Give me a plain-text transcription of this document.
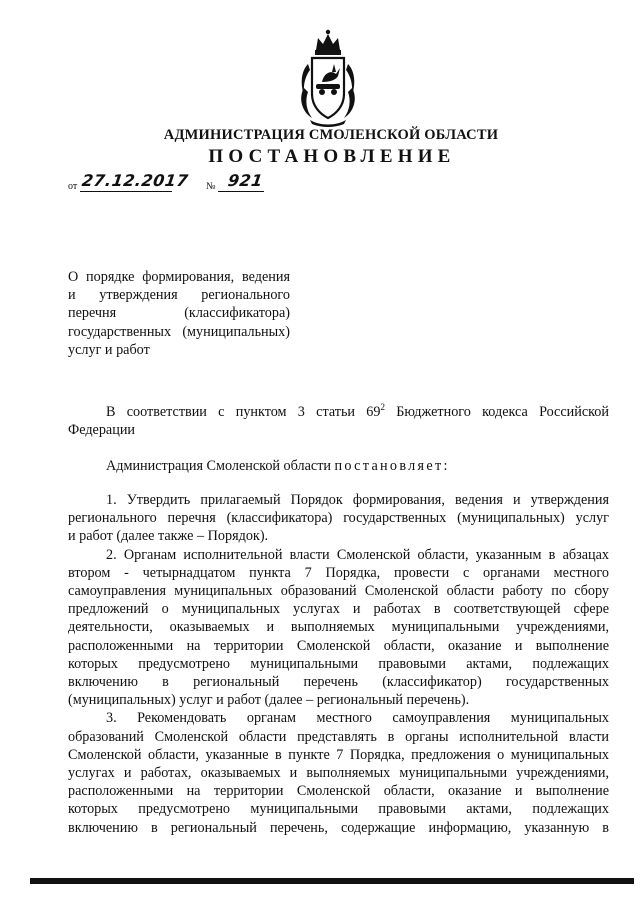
АДМИНИСТРАЦИЯ СМОЛЕНСКОЙ ОБЛАСТИ
ПОСТАНОВЛЕНИЕ
от 27.12.2017 № 921
О порядке формирования, ведения
и утверждения регионального
перечня (классификатора)
государственных (муниципальных)
услуг и работ
В соответствии с пунктом 3 статьи $69^2$ Бюджетного кодекса Российской
Федерации
Администрация Смоленской области постановляет:
1. Утвердить прилагаемый Порядок формирования, ведения и утверждения
регионального перечня (классификатора) государственных (муниципальных) услуг
и работ (далее также – Порядок).
2. Органам исполнительной власти Смоленской области, указанным в абзацах
втором - четырнадцатом пункта 7 Порядка, провести с органами местного
самоуправления муниципальных образований Смоленской области работу по сбору
предложений о муниципальных услугах и работах в соответствующей сфере
деятельности, оказываемых и выполняемых муниципальными учреждениями,
расположенными на территории Смоленской области, оказание и выполнение
которых предусмотрено муниципальными правовыми актами, подлежащих
включению в региональный перечень (классификатор) государственных
(муниципальных) услуг и работ (далее – региональный перечень).
3. Рекомендовать органам местного самоуправления муниципальных
образований Смоленской области представлять в органы исполнительной власти
Смоленской области, указанные в пункте 7 Порядка, предложения о муниципальных
услугах и работах, оказываемых и выполняемых муниципальными учреждениями,
расположенными на территории Смоленской области, оказание и выполнение
которых предусмотрено муниципальными правовыми актами, подлежащих
включению в региональный перечень, содержащие информацию, указанную в
